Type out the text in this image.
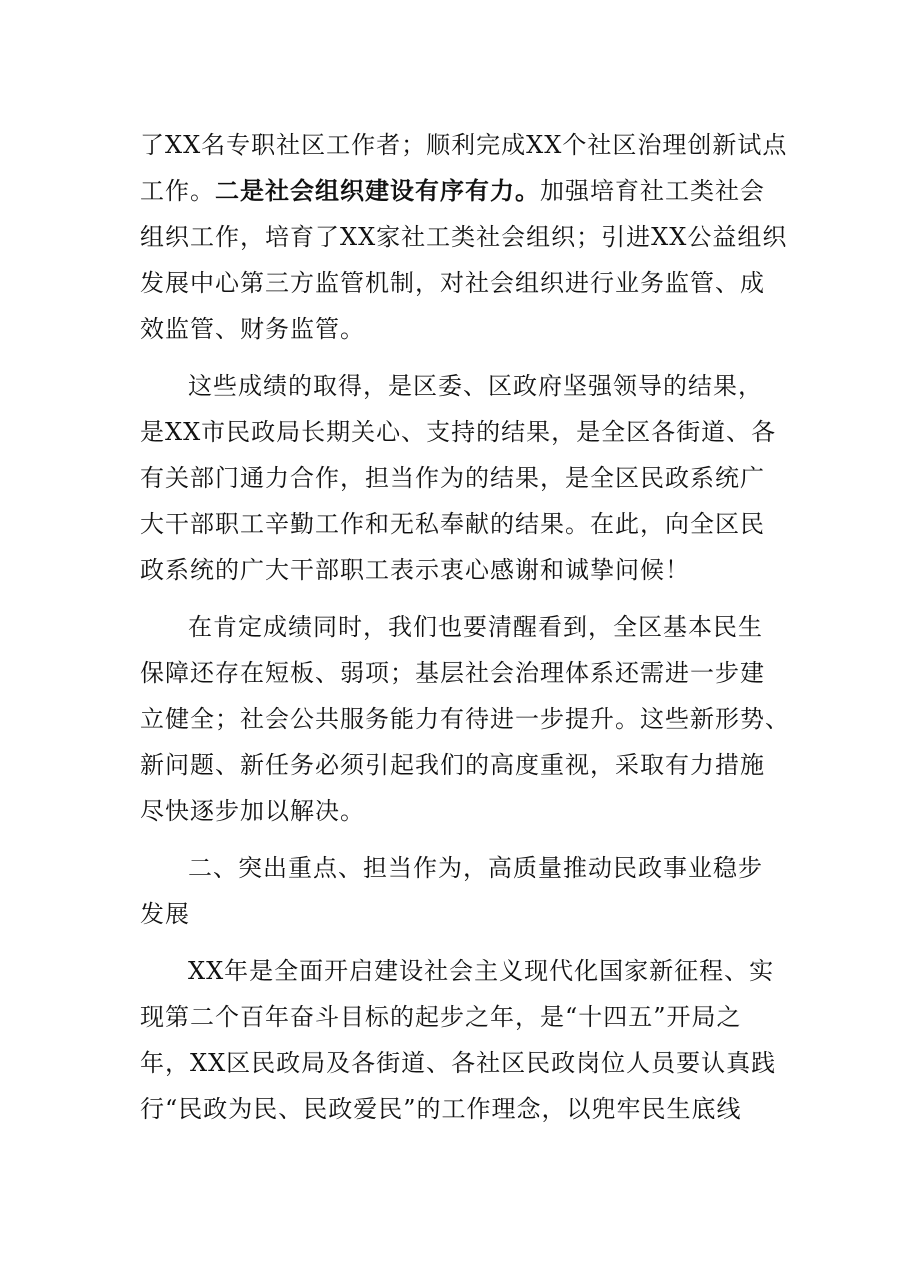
了XX名专职社区工作者；顺利完成XX个社区治理创新试点
工作。二是社会组织建设有序有力。加强培育社工类社会
组织工作，培育了XX家社工类社会组织；引进XX公益组织
发展中心第三方监管机制，对社会组织进行业务监管、成
效监管、财务监管。
这些成绩的取得，是区委、区政府坚强领导的结果，
是XX市民政局长期关心、支持的结果，是全区各街道、各
有关部门通力合作，担当作为的结果，是全区民政系统广
大干部职工辛勤工作和无私奉献的结果。在此，向全区民
政系统的广大干部职工表示衷心感谢和诚挚问候！
在肯定成绩同时，我们也要清醒看到，全区基本民生
保障还存在短板、弱项；基层社会治理体系还需进一步建
立健全；社会公共服务能力有待进一步提升。这些新形势、
新问题、新任务必须引起我们的高度重视，采取有力措施
尽快逐步加以解决。
二、突出重点、担当作为，高质量推动民政事业稳步
发展
XX年是全面开启建设社会主义现代化国家新征程、实
现第二个百年奋斗目标的起步之年，是“十四五”开局之
年，XX区民政局及各街道、各社区民政岗位人员要认真践
行“民政为民、民政爱民”的工作理念，以兜牢民生底线
